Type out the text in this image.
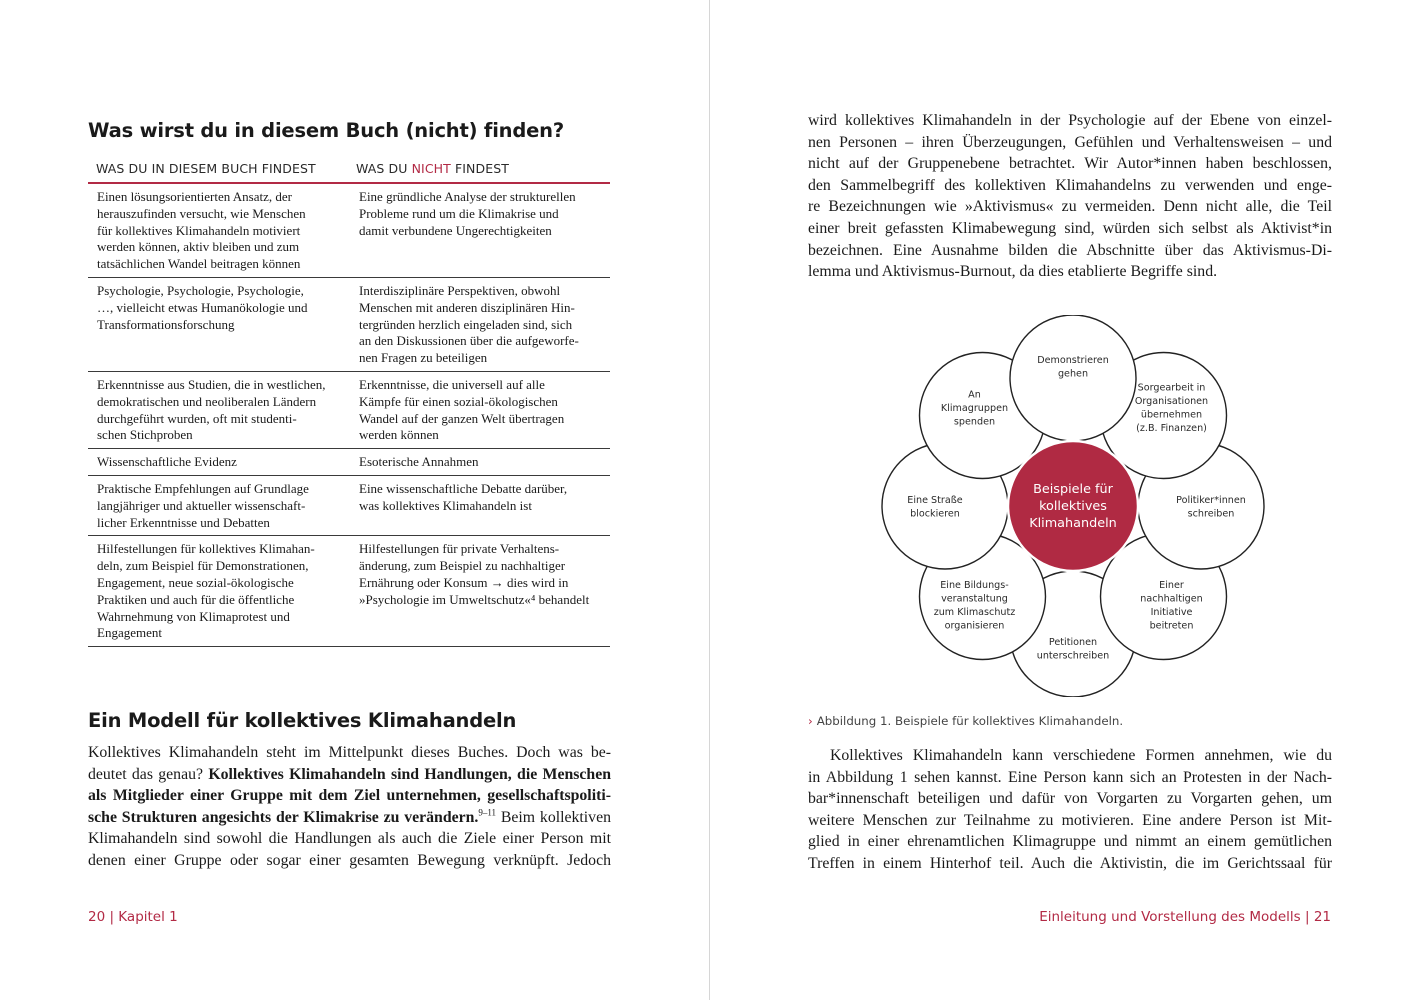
Was wirst du in diesem Buch (nicht) finden?
WAS DU IN DIESEM BUCH FINDEST	WAS DU NICHT FINDEST
Einen lösungsorientierten Ansatz, der
herauszufinden versucht, wie Menschen
für kollektives Klimahandeln motiviert
werden können, aktiv bleiben und zum
tatsächlichen Wandel beitragen können
Eine gründliche Analyse der strukturellen
Probleme rund um die Klimakrise und
damit verbundene Ungerechtigkeiten
Psychologie, Psychologie, Psychologie,
…, vielleicht etwas Humanökologie und
Transformationsforschung
Interdisziplinäre Perspektiven, obwohl
Menschen mit anderen disziplinären Hin-
tergründen herzlich eingeladen sind, sich
an den Diskussionen über die aufgeworfe-
nen Fragen zu beteiligen
Erkenntnisse aus Studien, die in westlichen,
demokratischen und neoliberalen Ländern
durchgeführt wurden, oft mit studenti-
schen Stichproben
Erkenntnisse, die universell auf alle
Kämpfe für einen sozial-ökologischen
Wandel auf der ganzen Welt übertragen
werden können
Wissenschaftliche Evidenz	Esoterische Annahmen
Praktische Empfehlungen auf Grundlage
langjähriger und aktueller wissenschaft-
licher Erkenntnisse und Debatten
Eine wissenschaftliche Debatte darüber,
was kollektives Klimahandeln ist
Hilfestellungen für kollektives Klimahan-
deln, zum Beispiel für Demonstrationen,
Engagement, neue sozial-ökologische
Praktiken und auch für die öffentliche
Wahrnehmung von Klimaprotest und
Engagement
Hilfestellungen für private Verhaltens-
änderung, zum Beispiel zu nachhaltiger
Ernährung oder Konsum → dies wird in
»Psychologie im Umweltschutz«⁴ behandelt
Ein Modell für kollektives Klimahandeln
Kollektives Klimahandeln steht im Mittelpunkt dieses Buches. Doch was be-
deutet das genau? Kollektives Klimahandeln sind Handlungen, die Menschen
als Mitglieder einer Gruppe mit dem Ziel unternehmen, gesellschaftspoliti-
sche Strukturen angesichts der Klimakrise zu verändern.$^{9-11}$ Beim kollektiven
Klimahandeln sind sowohl die Handlungen als auch die Ziele einer Person mit
denen einer Gruppe oder sogar einer gesamten Bewegung verknüpft. Jedoch
20 | Kapitel 1
wird kollektives Klimahandeln in der Psychologie auf der Ebene von einzel-
nen Personen – ihren Überzeugungen, Gefühlen und Verhaltensweisen – und
nicht auf der Gruppenebene betrachtet. Wir Autor*innen haben beschlossen,
den Sammelbegriff des kollektiven Klimahandelns zu verwenden und enge-
re Bezeichnungen wie »Aktivismus« zu vermeiden. Denn nicht alle, die Teil
einer breit gefassten Klimabewegung sind, würden sich selbst als Aktivist*in
bezeichnen. Eine Ausnahme bilden die Abschnitte über das Aktivismus-Di-
lemma und Aktivismus-Burnout, da dies etablierte Begriffe sind.
Demonstrieren
gehen
Sorgearbeit in
Organisationen
übernehmen
(z.B. Finanzen)
Politiker*innen
schreiben
Einer
nachhaltigen
Initiative
beitreten
Petitionen
unterschreiben
Eine Bildungs-
veranstaltung
zum Klimaschutz
organisieren
Eine Straße
blockieren
An
Klimagruppen
spenden
Beispiele für
kollektives
Klimahandeln
› Abbildung 1. Beispiele für kollektives Klimahandeln.
Kollektives Klimahandeln kann verschiedene Formen annehmen, wie du
in Abbildung 1 sehen kannst. Eine Person kann sich an Protesten in der Nach-
bar*innenschaft beteiligen und dafür von Vorgarten zu Vorgarten gehen, um
weitere Menschen zur Teilnahme zu motivieren. Eine andere Person ist Mit-
glied in einer ehrenamtlichen Klimagruppe und nimmt an einem gemütlichen
Treffen in einem Hinterhof teil. Auch die Aktivistin, die im Gerichtssaal für
Einleitung und Vorstellung des Modells | 21
